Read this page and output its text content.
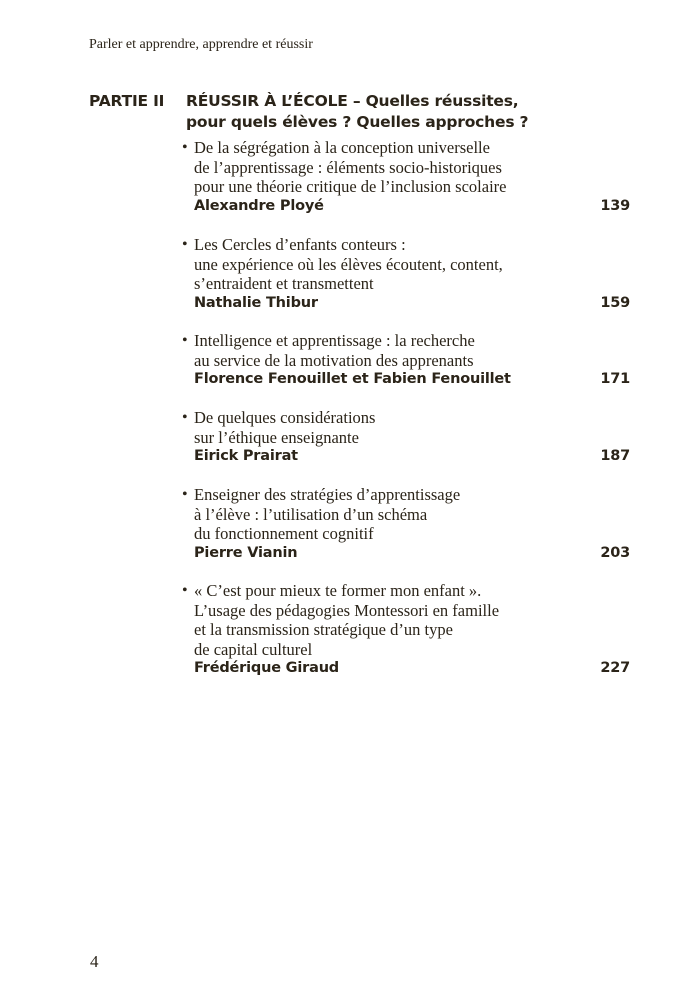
Parler et apprendre, apprendre et réussir
PARTIE II RÉUSSIR À L’ÉCOLE – Quelles réussites,
pour quels élèves ? Quelles approches ?
• De la ségrégation à la conception universelle
de l’apprentissage : éléments socio-historiques
pour une théorie critique de l’inclusion scolaire
Alexandre Ployé	139
• Les Cercles d’enfants conteurs :
une expérience où les élèves écoutent, content,
s’entraident et transmettent
Nathalie Thibur	159
• Intelligence et apprentissage : la recherche
au service de la motivation des apprenants
Florence Fenouillet et Fabien Fenouillet	171
• De quelques considérations
sur l’éthique enseignante
Eirick Prairat	187
• Enseigner des stratégies d’apprentissage
à l’élève : l’utilisation d’un schéma
du fonctionnement cognitif
Pierre Vianin	203
• « C’est pour mieux te former mon enfant ».
L’usage des pédagogies Montessori en famille
et la transmission stratégique d’un type
de capital culturel
Frédérique Giraud	227
4
